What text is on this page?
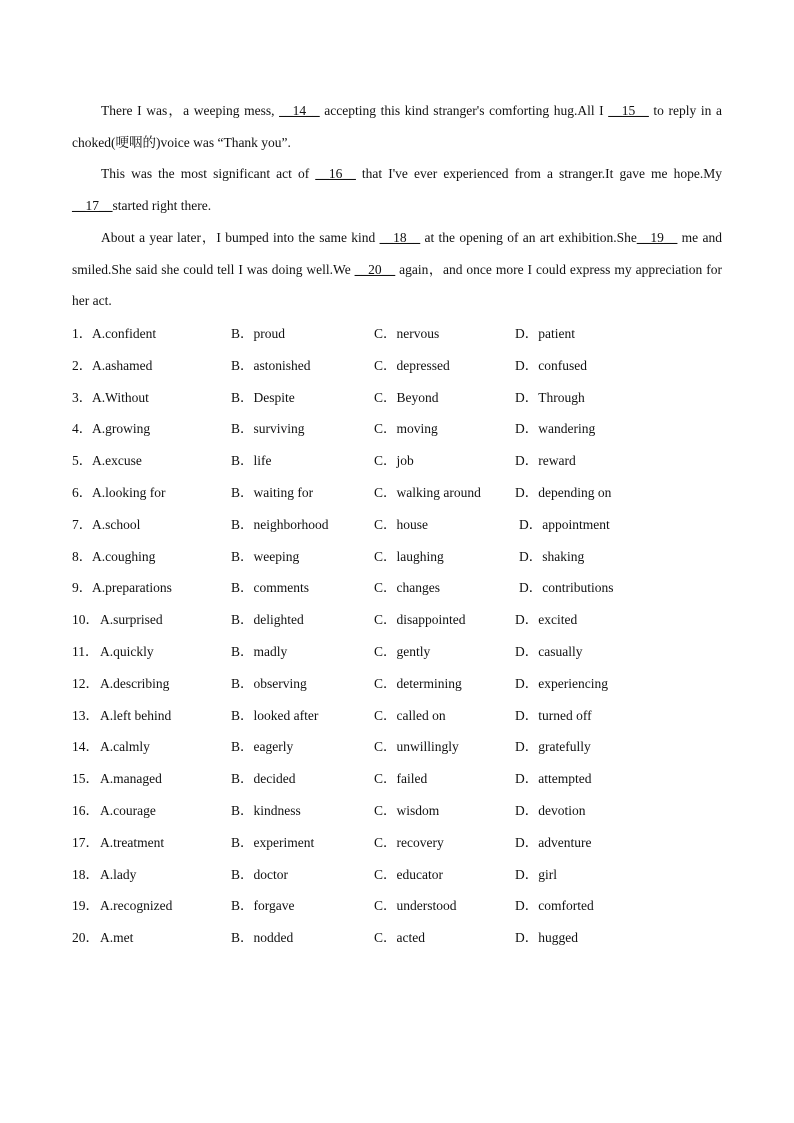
There I was，a weeping mess, __14__ accepting this kind stranger's comforting hug.All I __15__ to reply in a choked(哽咽的)voice was “Thank you”.

This was the most significant act of __16__ that I've ever experienced from a stranger.It gave me hope.My __17__started right there.

About a year later，I bumped into the same kind __18__ at the opening of an art exhibition.She__19__ me and smiled.She said she could tell I was doing well.We __20__ again，and once more I could express my appreciation for her act.

1． A.confident	B．proud	C．nervous	D．patient
2． A.ashamed	B．astonished	C．depressed	D．confused
3． A.Without	B．Despite	C．Beyond	D．Through
4． A.growing	B．surviving	C．moving	D．wandering
5． A.excuse	B．life	C．job	D．reward
6． A.looking for	B．waiting for	C．walking around	D．depending on
7． A.school	B．neighborhood	C．house	D．appointment
8． A.coughing	B．weeping	C．laughing	D．shaking
9． A.preparations	B．comments	C．changes	D．contributions
10． A.surprised	B．delighted	C．disappointed	D．excited
11． A.quickly	B．madly	C．gently	D．casually
12． A.describing	B．observing	C．determining	D．experiencing
13． A.left behind	B．looked after	C．called on	D．turned off
14． A.calmly	B．eagerly	C．unwillingly	D．gratefully
15． A.managed	B．decided	C．failed	D．attempted
16． A.courage	B．kindness	C．wisdom	D．devotion
17． A.treatment	B．experiment	C．recovery	D．adventure
18． A.lady	B．doctor	C．educator	D．girl
19． A.recognized	B．forgave	C．understood	D．comforted
20． A.met	B．nodded	C．acted	D．hugged
